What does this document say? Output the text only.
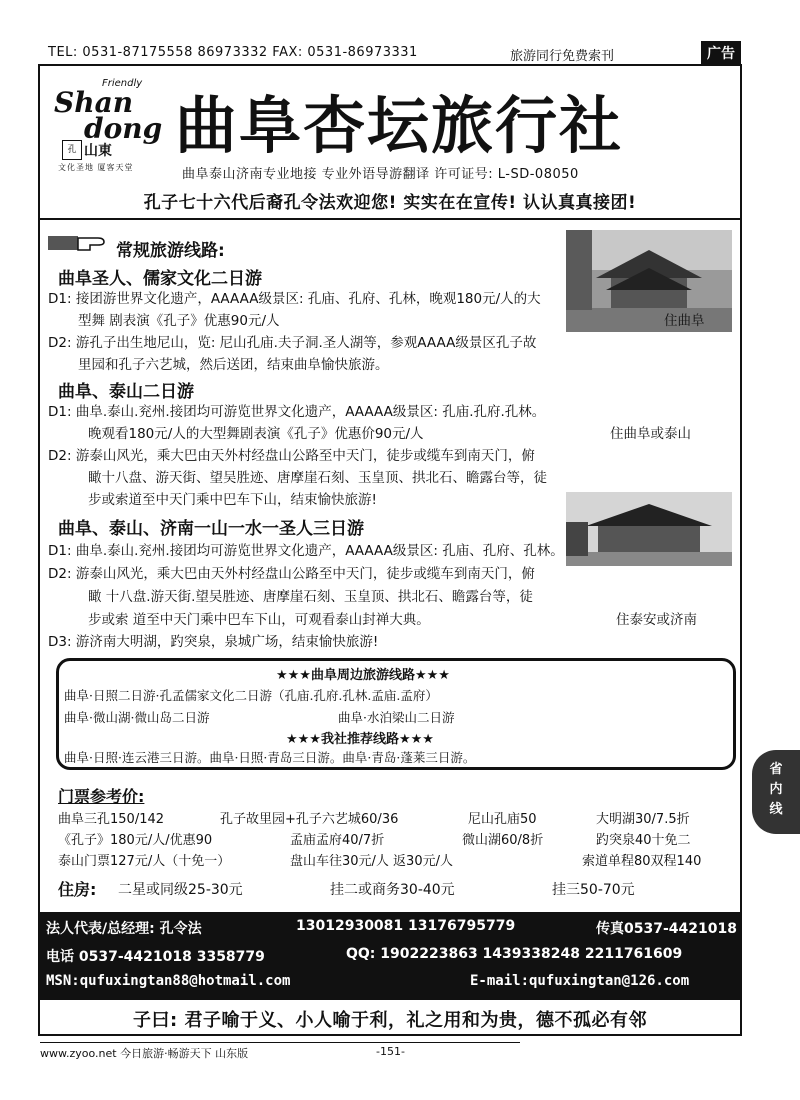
TEL: 0531-87175558 86973332 FAX: 0531-86973331	旅游同行免费索刊	广告
Friendly
Shan
dong
孔 山東
文化圣地 厦客天堂
曲阜杏坛旅行社
曲阜泰山济南专业地接 专业外语导游翻译 许可证号: L-SD-08050
孔子七十六代后裔孔令法欢迎您! 实实在在宣传! 认认真真接团!
常规旅游线路:
曲阜圣人、儒家文化二日游
D1: 接团游世界文化遗产，AAAAA级景区: 孔庙、孔府、孔林，晚观180元/人的大
型舞 剧表演《孔子》优惠90元/人	住曲阜
D2: 游孔子出生地尼山，览: 尼山孔庙.夫子洞.圣人湖等，参观AAAA级景区孔子故
里园和孔子六艺城，然后送团，结束曲阜愉快旅游。
曲阜、泰山二日游
D1: 曲阜.泰山.兖州.接团均可游览世界文化遗产，AAAAA级景区: 孔庙.孔府.孔林。
晚观看180元/人的大型舞剧表演《孔子》优惠价90元/人	住曲阜或泰山
D2: 游泰山风光，乘大巴由天外村经盘山公路至中天门，徒步或缆车到南天门，俯
瞰十八盘、游天街、望吴胜迹、唐摩崖石刻、玉皇顶、拱北石、瞻露台等，徒
步或索道至中天门乘中巴车下山，结束愉快旅游!
曲阜、泰山、济南一山一水一圣人三日游
D1: 曲阜.泰山.兖州.接团均可游览世界文化遗产，AAAAA级景区: 孔庙、孔府、孔林。
D2: 游泰山风光，乘大巴由天外村经盘山公路至中天门，徒步或缆车到南天门，俯
瞰 十八盘.游天街.望吴胜迹、唐摩崖石刻、玉皇顶、拱北石、瞻露台等，徒
步或索 道至中天门乘中巴车下山，可观看泰山封禅大典。	住泰安或济南
D3: 游济南大明湖，趵突泉，泉城广场，结束愉快旅游!
★★★曲阜周边旅游线路★★★
曲阜·日照二日游·孔孟儒家文化二日游（孔庙.孔府.孔林.孟庙.孟府）
曲阜·微山湖·微山岛二日游	曲阜·水泊梁山二日游
★★★我社推荐线路★★★
曲阜·日照·连云港三日游。曲阜·日照·青岛三日游。曲阜·青岛·蓬莱三日游。
省
内
线
门票参考价:
曲阜三孔150/142	孔子故里园+孔子六艺城60/36	尼山孔庙50	大明湖30/7.5折
《孔子》180元/人/优惠90	孟庙孟府40/7折	微山湖60/8折	趵突泉40十免二
泰山门票127元/人（十免一）	盘山车往30元/人 返30元/人	索道单程80双程140
住房: 二星或同级25-30元	挂二或商务30-40元	挂三50-70元
法人代表/总经理: 孔令法	13012930081 13176795779	传真0537-4421018
电话 0537-4421018 3358779	QQ: 1902223863 1439338248 2211761609
MSN:qufuxingtan88@hotmail.com	E-mail:qufuxingtan@126.com
子曰: 君子喻于义、小人喻于利，礼之用和为贵，德不孤必有邻
www.zyoo.net 今日旅游·畅游天下 山东版	-151-
